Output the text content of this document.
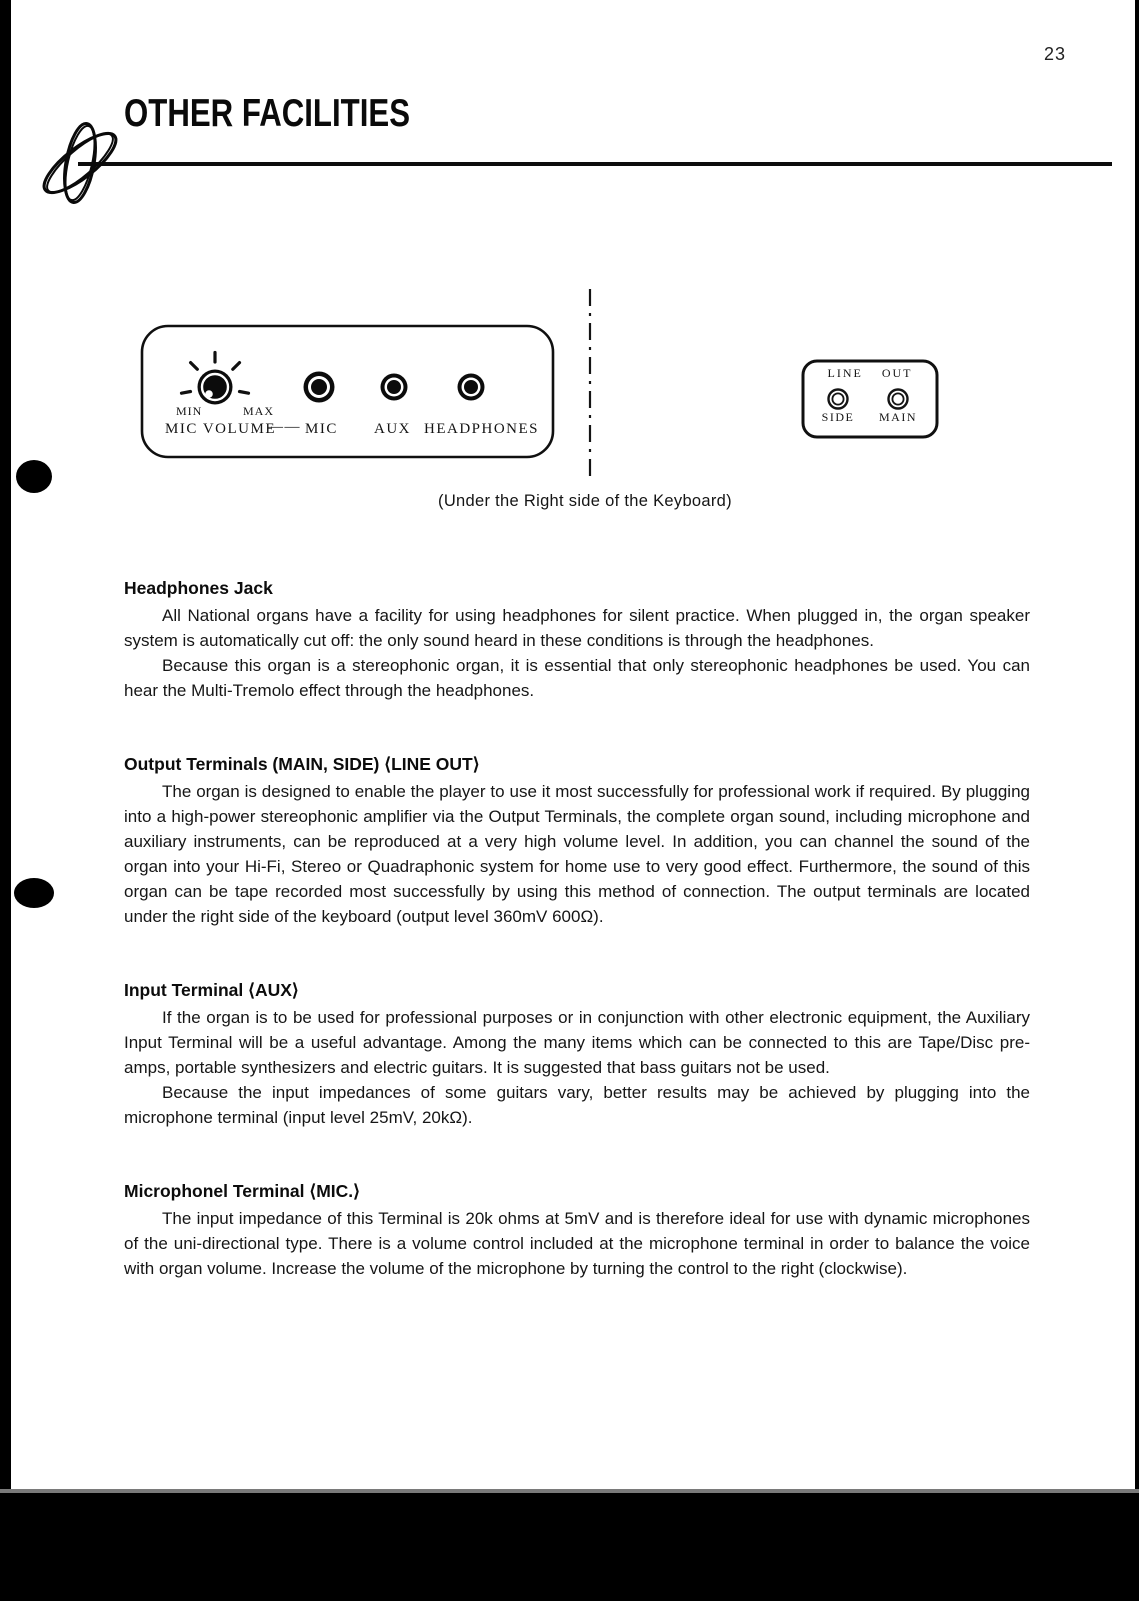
23
OTHER FACILITIES
MIN	MAX
MIC VOLUME
—— MIC AUX HEADPHONES
LINE OUT
SIDE	MAIN
(Under the Right side of the Keyboard)
Headphones Jack

All National organs have a facility for using headphones for silent practice. When plugged in, the organ speaker system is automatically cut off: the only sound heard in these conditions is through the headphones.

Because this organ is a stereophonic organ, it is essential that only stereophonic headphones be used. You can hear the Multi-Tremolo effect through the headphones.

Output Terminals (MAIN, SIDE) ⟨LINE OUT⟩

The organ is designed to enable the player to use it most successfully for professional work if required. By plugging into a high-power stereophonic amplifier via the Output Terminals, the complete organ sound, including microphone and auxiliary instruments, can be reproduced at a very high volume level. In addition, you can channel the sound of the organ into your Hi-Fi, Stereo or Quadraphonic system for home use to very good effect. Furthermore, the sound of this organ can be tape recorded most successfully by using this method of connection. The output terminals are located under the right side of the keyboard (output level 360mV 600Ω).

Input Terminal ⟨AUX⟩

If the organ is to be used for professional purposes or in conjunction with other electronic equipment, the Auxiliary Input Terminal will be a useful advantage. Among the many items which can be connected to this are Tape/Disc pre-amps, portable synthesizers and electric guitars. It is suggested that bass guitars not be used.

Because the input impedances of some guitars vary, better results may be achieved by plugging into the microphone terminal (input level 25mV, 20kΩ).

Microphonel Terminal ⟨MIC.⟩

The input impedance of this Terminal is 20k ohms at 5mV and is therefore ideal for use with dynamic microphones of the uni-directional type. There is a volume control included at the microphone terminal in order to balance the voice with organ volume. Increase the volume of the microphone by turning the control to the right (clockwise).
